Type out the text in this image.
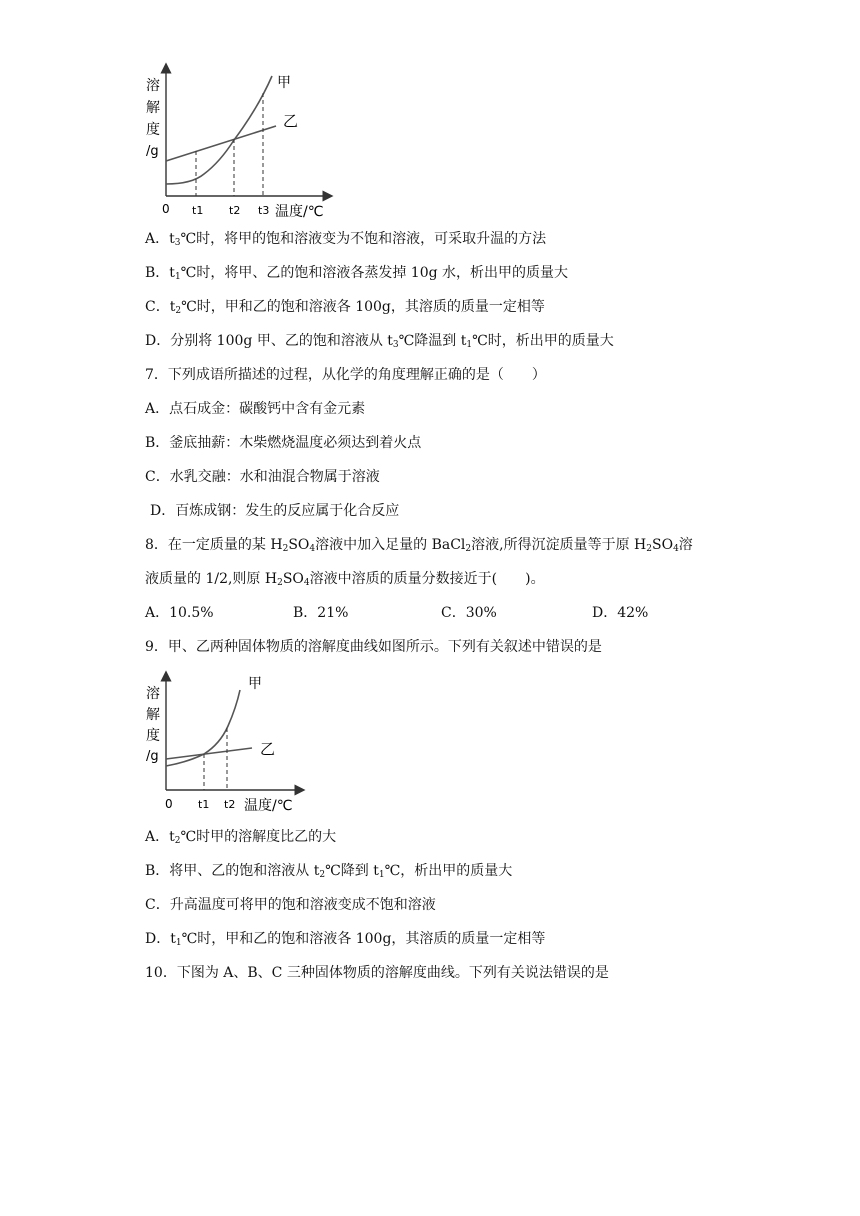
溶
解
度
/g
甲
乙
0 t1 t2 t3 温度/℃
A．$t_3℃$时，将甲的饱和溶液变为不饱和溶液，可采取升温的方法
B．$t_1℃$时，将甲、乙的饱和溶液各蒸发掉 10g 水，析出甲的质量大
C．$t_2℃$时，甲和乙的饱和溶液各 100g，其溶质的质量一定相等
D．分别将 100g 甲、乙的饱和溶液从 $t_3℃$降温到 $t_1℃$时，析出甲的质量大
7．下列成语所描述的过程，从化学的角度理解正确的是（　　）
A．点石成金：碳酸钙中含有金元素
B．釜底抽薪：木柴燃烧温度必须达到着火点
C．水乳交融：水和油混合物属于溶液
D．百炼成钢：发生的反应属于化合反应
8．在一定质量的某 $H_2SO_4$溶液中加入足量的 BaCl$_2$溶液,所得沉淀质量等于原 $H_2SO_4$溶
液质量的 1/2,则原 $H_2SO_4$溶液中溶质的质量分数接近于(　　)。
A．10.5%	B．21%	C．30%	D．42%
9．甲、乙两种固体物质的溶解度曲线如图所示。下列有关叙述中错误的是
溶
解
度
/g
甲
乙
0 t1 t2 温度/℃
A．$t_2℃$时甲的溶解度比乙的大
B．将甲、乙的饱和溶液从 $t_2℃$降到 $t_1℃$，析出甲的质量大
C．升高温度可将甲的饱和溶液变成不饱和溶液
D．$t_1℃$时，甲和乙的饱和溶液各 100g，其溶质的质量一定相等
10．下图为 A、B、C 三种固体物质的溶解度曲线。下列有关说法错误的是
